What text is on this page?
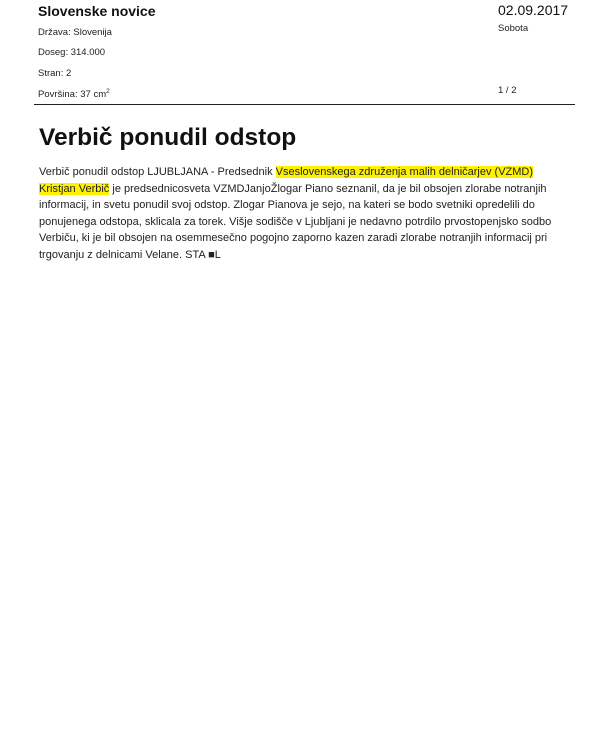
Slovenske novice
Država: Slovenija
Doseg: 314.000
Stran: 2
Površina: 37 $cm^2$
02.09.2017
Sobota
1 / 2
Verbič ponudil odstop
Verbič ponudil odstop LJUBLJANA - Predsednik Vseslovenskega združenja malih delničarjev (VZMD) Kristjan Verbič je predsednicosveta VZMDJanjoŽlogar Piano seznanil, da je bil obsojen zlorabe notranjih informacij, in svetu ponudil svoj odstop. Zlogar Pianova je sejo, na kateri se bodo svetniki opredelili do ponujenega odstopa, sklicala za torek. Višje sodišče v Ljubljani je nedavno potrdilo prvostopenjsko sodbo Verbiču, ki je bil obsojen na osemmesečno pogojno zaporno kazen zaradi zlorabe notranjih informacij pri trgovanju z delnicami Velane. STA ■L
